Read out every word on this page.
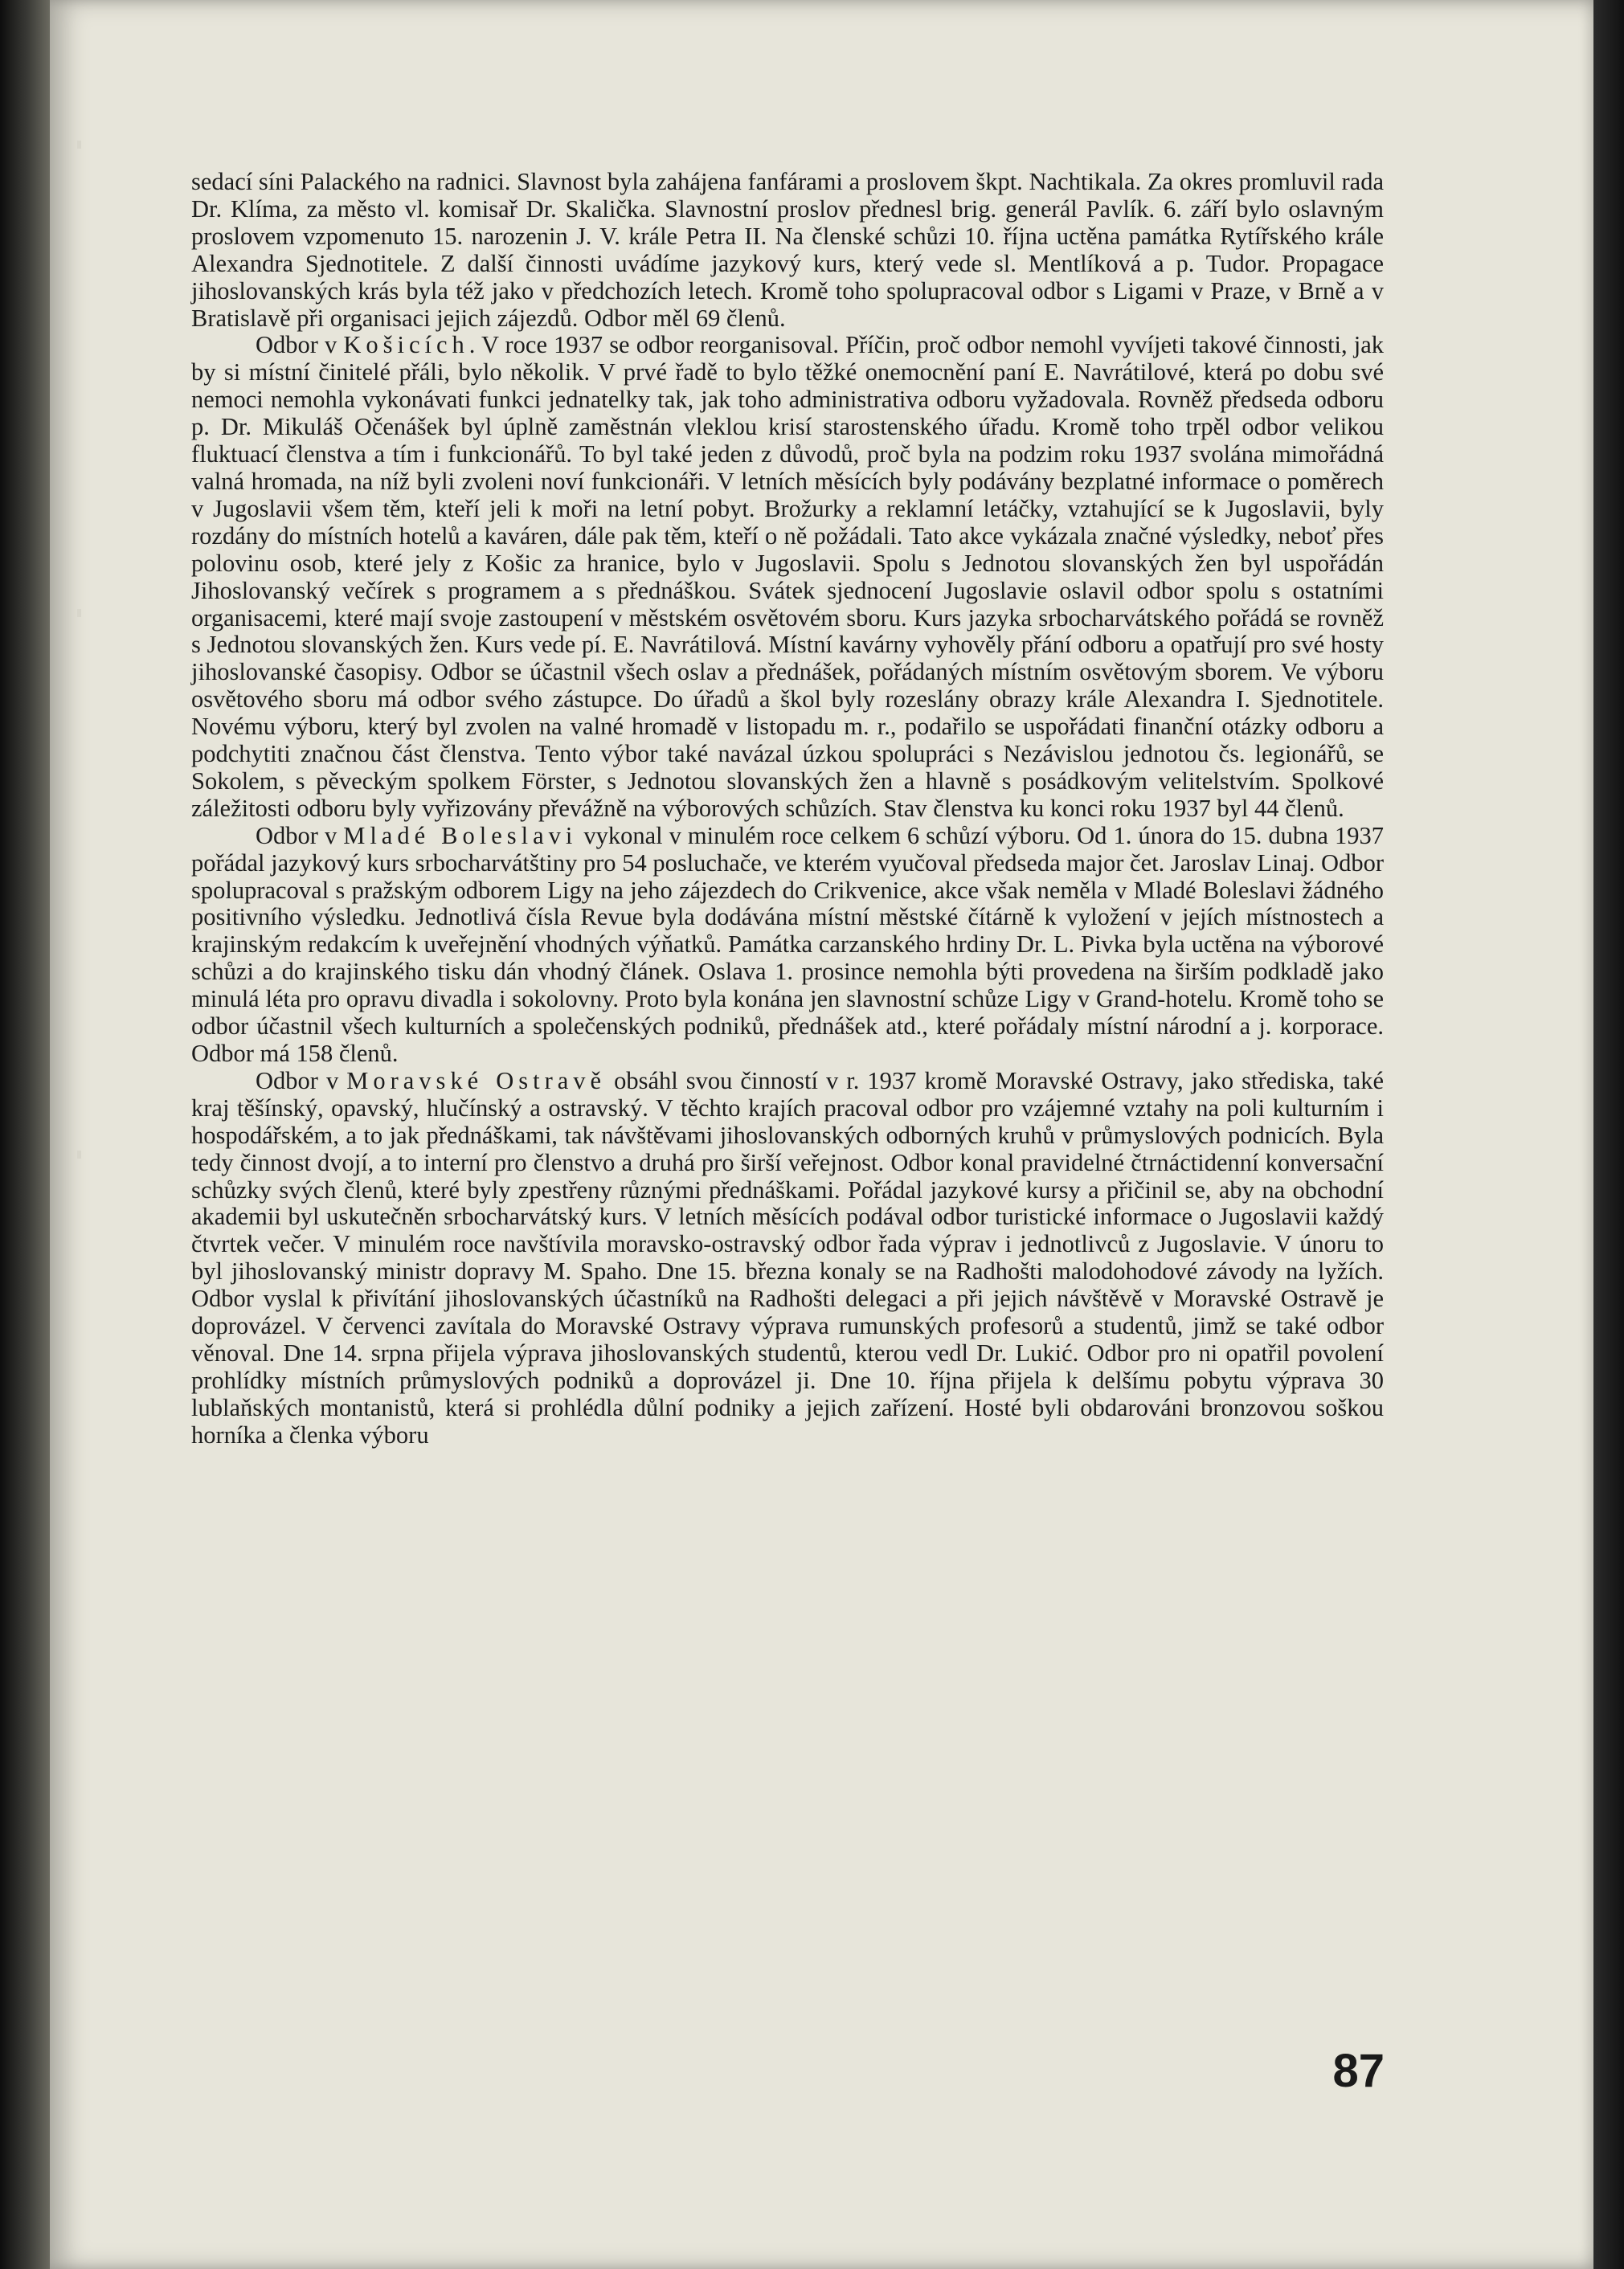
sedací síni Palackého na radnici. Slavnost byla zahájena fanfárami a proslovem škpt. Nachtikala. Za okres promluvil rada Dr. Klíma, za město vl. komisař Dr. Skalička. Slavnostní proslov přednesl brig. generál Pavlík. 6. září bylo oslavným proslovem vzpomenuto 15. narozenin J. V. krále Petra II. Na členské schůzi 10. října uctěna památka Rytířského krále Alexandra Sjednotitele. Z další činnosti uvádíme jazykový kurs, který vede sl. Mentlíková a p. Tudor. Propagace jihoslovanských krás byla též jako v předchozích letech. Kromě toho spolupracoval odbor s Ligami v Praze, v Brně a v Bratislavě při organisaci jejich zájezdů. Odbor měl 69 členů.

Odbor v Košicích. V roce 1937 se odbor reorganisoval. Příčin, proč odbor nemohl vyvíjeti takové činnosti, jak by si místní činitelé přáli, bylo několik. V prvé řadě to bylo těžké onemocnění paní E. Navrátilové, která po dobu své nemoci nemohla vykonávati funkci jednatelky tak, jak toho administrativa odboru vyžadovala. Rovněž předseda odboru p. Dr. Mikuláš Očenášek byl úplně zaměstnán vleklou krisí starostenského úřadu. Kromě toho trpěl odbor velikou fluktuací členstva a tím i funkcionářů. To byl také jeden z důvodů, proč byla na podzim roku 1937 svolána mimořádná valná hromada, na níž byli zvoleni noví funkcionáři. V letních měsících byly podávány bezplatné informace o poměrech v Jugoslavii všem těm, kteří jeli k moři na letní pobyt. Brožurky a reklamní letáčky, vztahující se k Jugoslavii, byly rozdány do místních hotelů a kaváren, dále pak těm, kteří o ně požádali. Tato akce vykázala značné výsledky, neboť přes polovinu osob, které jely z Košic za hranice, bylo v Jugoslavii. Spolu s Jednotou slovanských žen byl uspořádán Jihoslovanský večírek s programem a s přednáškou. Svátek sjednocení Jugoslavie oslavil odbor spolu s ostatními organisacemi, které mají svoje zastoupení v městském osvětovém sboru. Kurs jazyka srbocharvátského pořádá se rovněž s Jednotou slovanských žen. Kurs vede pí. E. Navrátilová. Místní kavárny vyhověly přání odboru a opatřují pro své hosty jihoslovanské časopisy. Odbor se účastnil všech oslav a přednášek, pořádaných místním osvětovým sborem. Ve výboru osvětového sboru má odbor svého zástupce. Do úřadů a škol byly rozeslány obrazy krále Alexandra I. Sjednotitele. Novému výboru, který byl zvolen na valné hromadě v listopadu m. r., podařilo se uspořádati finanční otázky odboru a podchytiti značnou část členstva. Tento výbor také navázal úzkou spolupráci s Nezávislou jednotou čs. legionářů, se Sokolem, s pěveckým spolkem Förster, s Jednotou slovanských žen a hlavně s posádkovým velitelstvím. Spolkové záležitosti odboru byly vyřizovány převážně na výborových schůzích. Stav členstva ku konci roku 1937 byl 44 členů.

Odbor v Mladé Boleslavi vykonal v minulém roce celkem 6 schůzí výboru. Od 1. února do 15. dubna 1937 pořádal jazykový kurs srbocharvátštiny pro 54 posluchače, ve kterém vyučoval předseda major čet. Jaroslav Linaj. Odbor spolupracoval s pražským odborem Ligy na jeho zájezdech do Crikvenice, akce však neměla v Mladé Boleslavi žádného positivního výsledku. Jednotlivá čísla Revue byla dodávána místní městské čítárně k vyložení v jejích místnostech a krajinským redakcím k uveřejnění vhodných výňatků. Památka carzanského hrdiny Dr. L. Pivka byla uctěna na výborové schůzi a do krajinského tisku dán vhodný článek. Oslava 1. prosince nemohla býti provedena na širším podkladě jako minulá léta pro opravu divadla i sokolovny. Proto byla konána jen slavnostní schůze Ligy v Grand-hotelu. Kromě toho se odbor účastnil všech kulturních a společenských podniků, přednášek atd., které pořádaly místní národní a j. korporace. Odbor má 158 členů.

Odbor v Moravské Ostravě obsáhl svou činností v r. 1937 kromě Moravské Ostravy, jako střediska, také kraj těšínský, opavský, hlučínský a ostravský. V těchto krajích pracoval odbor pro vzájemné vztahy na poli kulturním i hospodářském, a to jak přednáškami, tak návštěvami jihoslovanských odborných kruhů v průmyslových podnicích. Byla tedy činnost dvojí, a to interní pro členstvo a druhá pro širší veřejnost. Odbor konal pravidelné čtrnáctidenní konversační schůzky svých členů, které byly zpestřeny různými přednáškami. Pořádal jazykové kursy a přičinil se, aby na obchodní akademii byl uskutečněn srbocharvátský kurs. V letních měsících podával odbor turistické informace o Jugoslavii každý čtvrtek večer. V minulém roce navštívila moravsko-ostravský odbor řada výprav i jednotlivců z Jugoslavie. V únoru to byl jihoslovanský ministr dopravy M. Spaho. Dne 15. března konaly se na Radhošti malodohodové závody na lyžích. Odbor vyslal k přivítání jihoslovanských účastníků na Radhošti delegaci a při jejich návštěvě v Moravské Ostravě je doprovázel. V červenci zavítala do Moravské Ostravy výprava rumunských profesorů a studentů, jimž se také odbor věnoval. Dne 14. srpna přijela výprava jihoslovanských studentů, kterou vedl Dr. Lukić. Odbor pro ni opatřil povolení prohlídky místních průmyslových podniků a doprovázel ji. Dne 10. října přijela k delšímu pobytu výprava 30 lublaňských montanistů, která si prohlédla důlní podniky a jejich zařízení. Hosté byli obdarováni bronzovou soškou horníka a členka výboru

87
